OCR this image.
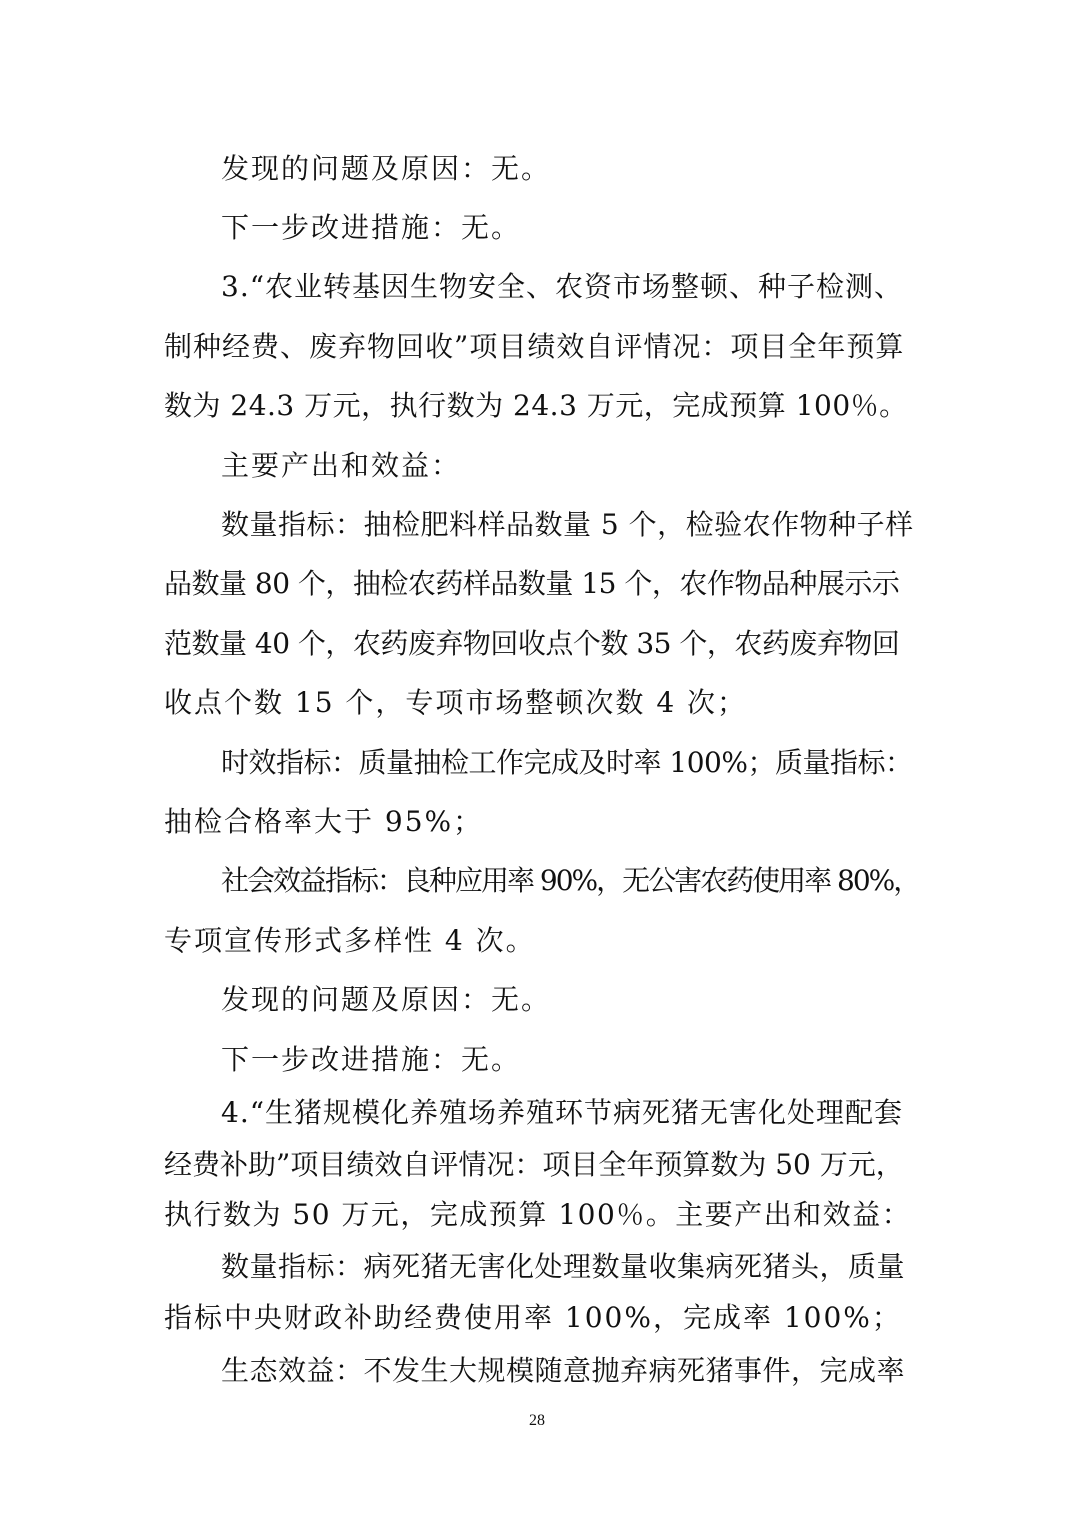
发现的问题及原因：无。
下一步改进措施：无。
3.“农业转基因生物安全、农资市场整顿、种子检测、
制种经费、废弃物回收”项目绩效自评情况：项目全年预算
数为 24.3 万元，执行数为 24.3 万元，完成预算 100％。
主要产出和效益：
数量指标：抽检肥料样品数量 5 个，检验农作物种子样
品数量 80 个，抽检农药样品数量 15 个，农作物品种展示示
范数量 40 个，农药废弃物回收点个数 35 个，农药废弃物回
收点个数 15 个，专项市场整顿次数 4 次；
时效指标：质量抽检工作完成及时率 100%；质量指标：
抽检合格率大于 95%；
社会效益指标：良种应用率 90%，无公害农药使用率 80%，
专项宣传形式多样性 4 次。
发现的问题及原因：无。
下一步改进措施：无。
4.“生猪规模化养殖场养殖环节病死猪无害化处理配套
经费补助”项目绩效自评情况：项目全年预算数为 50 万元，
执行数为 50 万元，完成预算 100％。主要产出和效益：
数量指标：病死猪无害化处理数量收集病死猪头，质量
指标中央财政补助经费使用率 100%，完成率 100%；
生态效益：不发生大规模随意抛弃病死猪事件，完成率
28
